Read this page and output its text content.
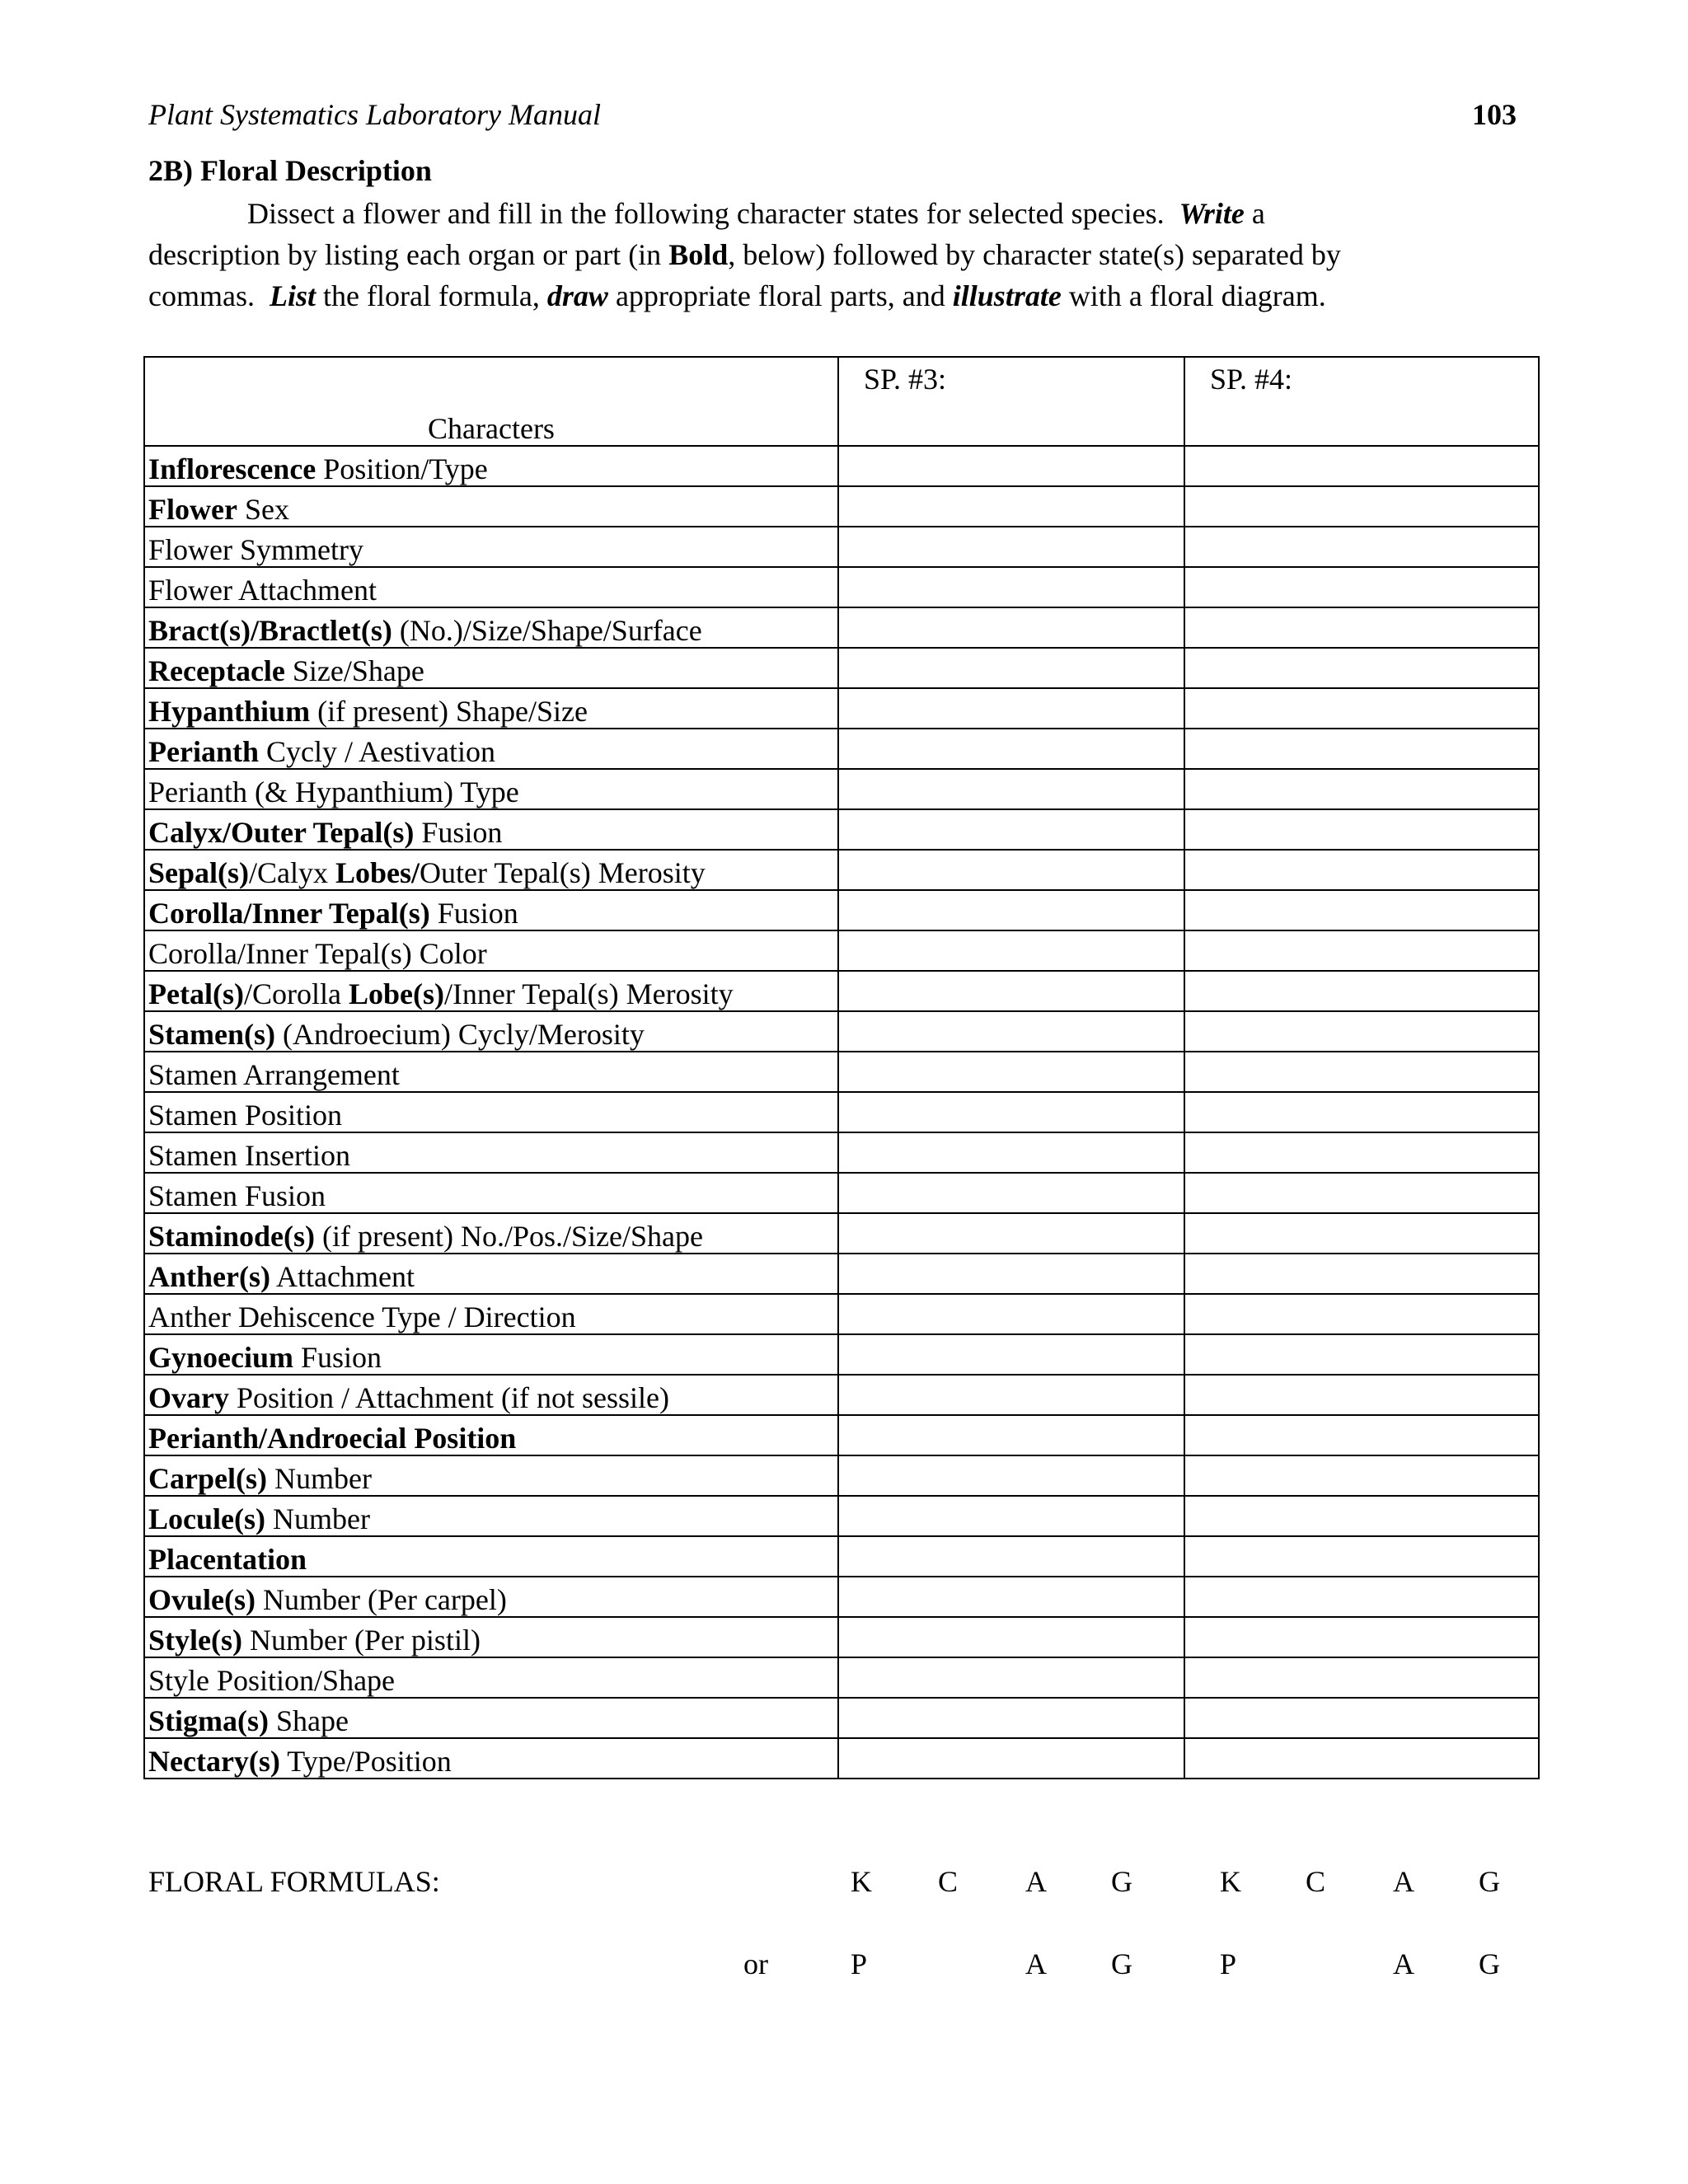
Plant Systematics Laboratory Manual	103
2B) Floral Description
Dissect a flower and fill in the following character states for selected species. Write a
description by listing each organ or part (in Bold, below) followed by character state(s) separated by
commas. List the floral formula, draw appropriate floral parts, and illustrate with a floral diagram.
Characters	SP. #3:	SP. #4:
Inflorescence Position/Type		
Flower Sex		
Flower Symmetry		
Flower Attachment		
Bract(s)/Bractlet(s) (No.)/Size/Shape/Surface		
Receptacle Size/Shape		
Hypanthium (if present) Shape/Size		
Perianth Cycly / Aestivation		
Perianth (& Hypanthium) Type		
Calyx/Outer Tepal(s) Fusion		
Sepal(s)/Calyx Lobes/Outer Tepal(s) Merosity		
Corolla/Inner Tepal(s) Fusion		
Corolla/Inner Tepal(s) Color		
Petal(s)/Corolla Lobe(s)/Inner Tepal(s) Merosity		
Stamen(s) (Androecium) Cycly/Merosity		
Stamen Arrangement		
Stamen Position		
Stamen Insertion		
Stamen Fusion		
Staminode(s) (if present) No./Pos./Size/Shape		
Anther(s) Attachment		
Anther Dehiscence Type / Direction		
Gynoecium Fusion		
Ovary Position / Attachment (if not sessile)		
Perianth/Androecial Position		
Carpel(s) Number		
Locule(s) Number		
Placentation		
Ovule(s) Number (Per carpel)		
Style(s) Number (Per pistil)		
Style Position/Shape		
Stigma(s) Shape		
Nectary(s) Type/Position		
FLORAL FORMULAS:
or
K C A G	K C A G
P	A G	P	A G
